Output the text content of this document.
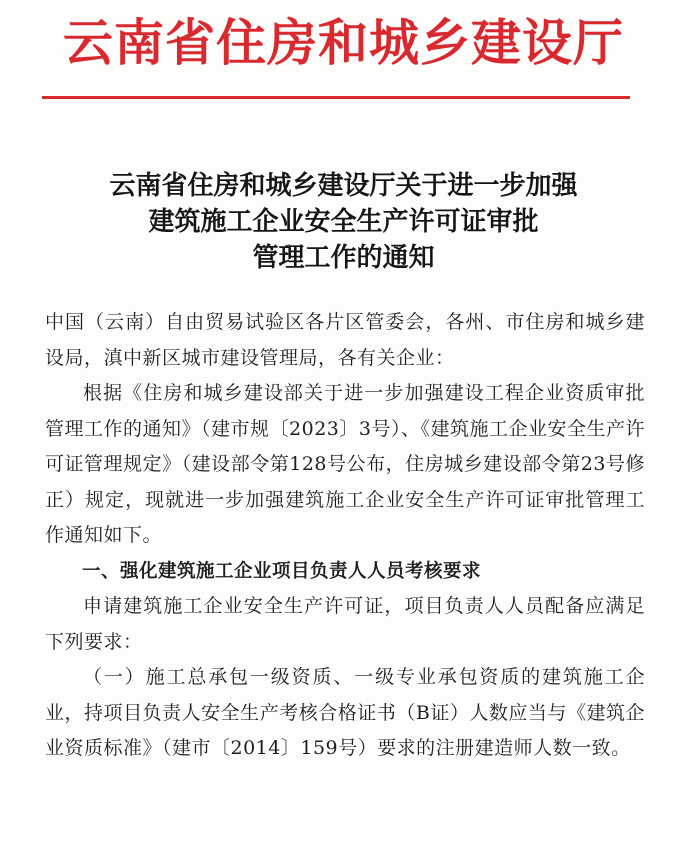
云南省住房和城乡建设厅
云南省住房和城乡建设厅关于进一步加强
建筑施工企业安全生产许可证审批
管理工作的通知

中国（云南）自由贸易试验区各片区管委会，各州、市住房和城乡建设局，滇中新区城市建设管理局，各有关企业：

根据《住房和城乡建设部关于进一步加强建设工程企业资质审批管理工作的通知》（建市规〔2023〕3号）、《建筑施工企业安全生产许可证管理规定》（建设部令第128号公布，住房城乡建设部令第23号修正）规定，现就进一步加强建筑施工企业安全生产许可证审批管理工作通知如下。

一、强化建筑施工企业项目负责人人员考核要求

申请建筑施工企业安全生产许可证，项目负责人人员配备应满足下列要求：

（一）施工总承包一级资质、一级专业承包资质的建筑施工企业，持项目负责人安全生产考核合格证书（B证）人数应当与《建筑企业资质标准》（建市〔2014〕159号）要求的注册建造师人数一致。
